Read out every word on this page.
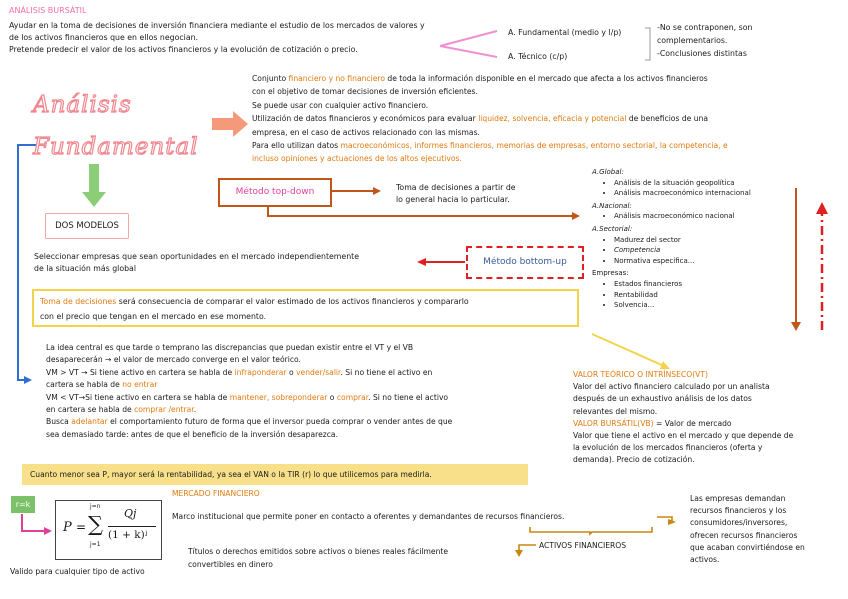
ANÁLISIS BURSÁTIL
Ayudar en la toma de decisiones de inversión financiera mediante el estudio de los mercados de valores y
de los activos financieros que en ellos negocian.
Pretende predecir el valor de los activos financieros y la evolución de cotización o precio.
A. Fundamental (medio y l/p)
A. Técnico (c/p)
-No se contraponen, son
complementarios.
-Conclusiones distintas
Análisis
Fundamental
Conjunto financiero y no financiero de toda la información disponible en el mercado que afecta a los activos financieros
con el objetivo de tomar decisiones de inversión eficientes.
Se puede usar con cualquier activo financiero.
Utilización de datos financieros y económicos para evaluar liquidez, solvencia, eficacia y potencial de beneficios de una
empresa, en el caso de activos relacionado con las mismas.
Para ello utilizan datos macroeconómicos, informes financieros, memorias de empresas, entorno sectorial, la competencia, e
incluso opiniones y actuaciones de los altos ejecutivos.
DOS MODELOS
Método top-down	Toma de decisiones a partir de
lo general hacia lo particular.
Método bottom-up
Seleccionar empresas que sean oportunidades en el mercado independientemente
de la situación más global
A.Global:
• Análisis de la situación geopolítica
• Análisis macroeconómico internacional
A.Nacional:
• Análisis macroeconómico nacional
A.Sectorial:
• Madurez del sector
• Competencia
• Normativa específica...
Empresas:
• Estados financieros
• Rentabilidad
• Solvencia...
Toma de decisiones será consecuencia de comparar el valor estimado de los activos financieros y compararlo
con el precio que tengan en el mercado en ese momento.
La idea central es que tarde o temprano las discrepancias que puedan existir entre el VT y el VB
desaparecerán → el valor de mercado converge en el valor teórico.
VM > VT → Si tiene activo en cartera se habla de infraponderar o vender/salir. Si no tiene el activo en
cartera se habla de no entrar
VM < VT→Si tiene activo en cartera se habla de mantener, sobreponderar o comprar. Si no tiene el activo
en cartera se habla de comprar /entrar.
Busca adelantar el comportamiento futuro de forma que el inversor pueda comprar o vender antes de que
sea demasiado tarde: antes de que el beneficio de la inversión desaparezca.
Cuanto menor sea P, mayor será la rentabilidad, ya sea el VAN o la TIR (r) lo que utilicemos para medirla.
VALOR TEÓRICO O INTRÍNSECO(VT)
Valor del activo financiero calculado por un analista
después de un exhaustivo análisis de los datos
relevantes del mismo.
VALOR BURSÁTIL(VB) = Valor de mercado
Valor que tiene el activo en el mercado y que depende de
la evolución de los mercados financieros (oferta y
demanda). Precio de cotización.
r=k
P =
j=n
∑
j=1
Qj
(1 + k)ʲ
Valido para cualquier tipo de activo
MERCADO FINANCIERO
Marco institucional que permite poner en contacto a oferentes y demandantes de recursos financieros.
ACTIVOS FINANCIEROS
Títulos o derechos emitidos sobre activos o bienes reales fácilmente
convertibles en dinero
Las empresas demandan
recursos financieros y los
consumidores/inversores,
ofrecen recursos financieros
que acaban convirtiéndose en
activos.
